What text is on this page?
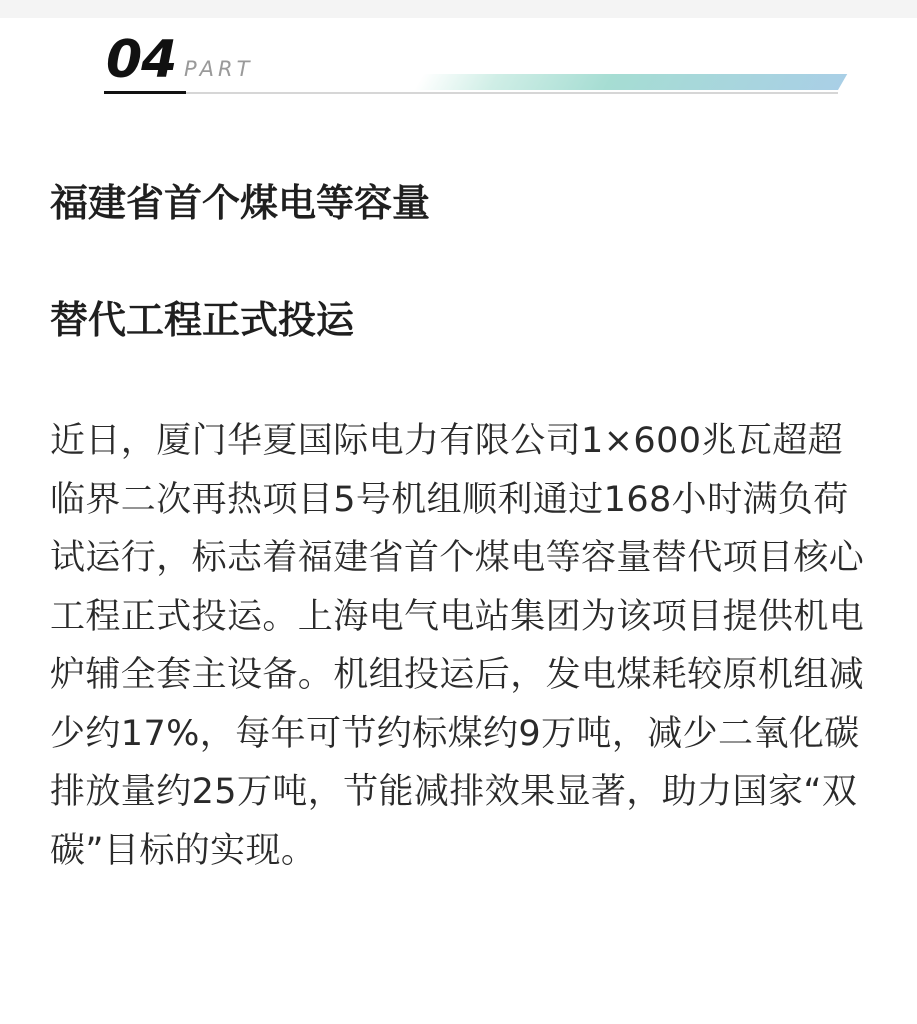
04 PART
福建省首个煤电等容量
替代工程正式投运

近日，厦门华夏国际电力有限公司1×600兆瓦超超临界二次再热项目5号机组顺利通过168小时满负荷试运行，标志着福建省首个煤电等容量替代项目核心工程正式投运。上海电气电站集团为该项目提供机电炉辅全套主设备。机组投运后，发电煤耗较原机组减少约17%，每年可节约标煤约9万吨，减少二氧化碳排放量约25万吨，节能减排效果显著，助力国家“双碳”目标的实现。
